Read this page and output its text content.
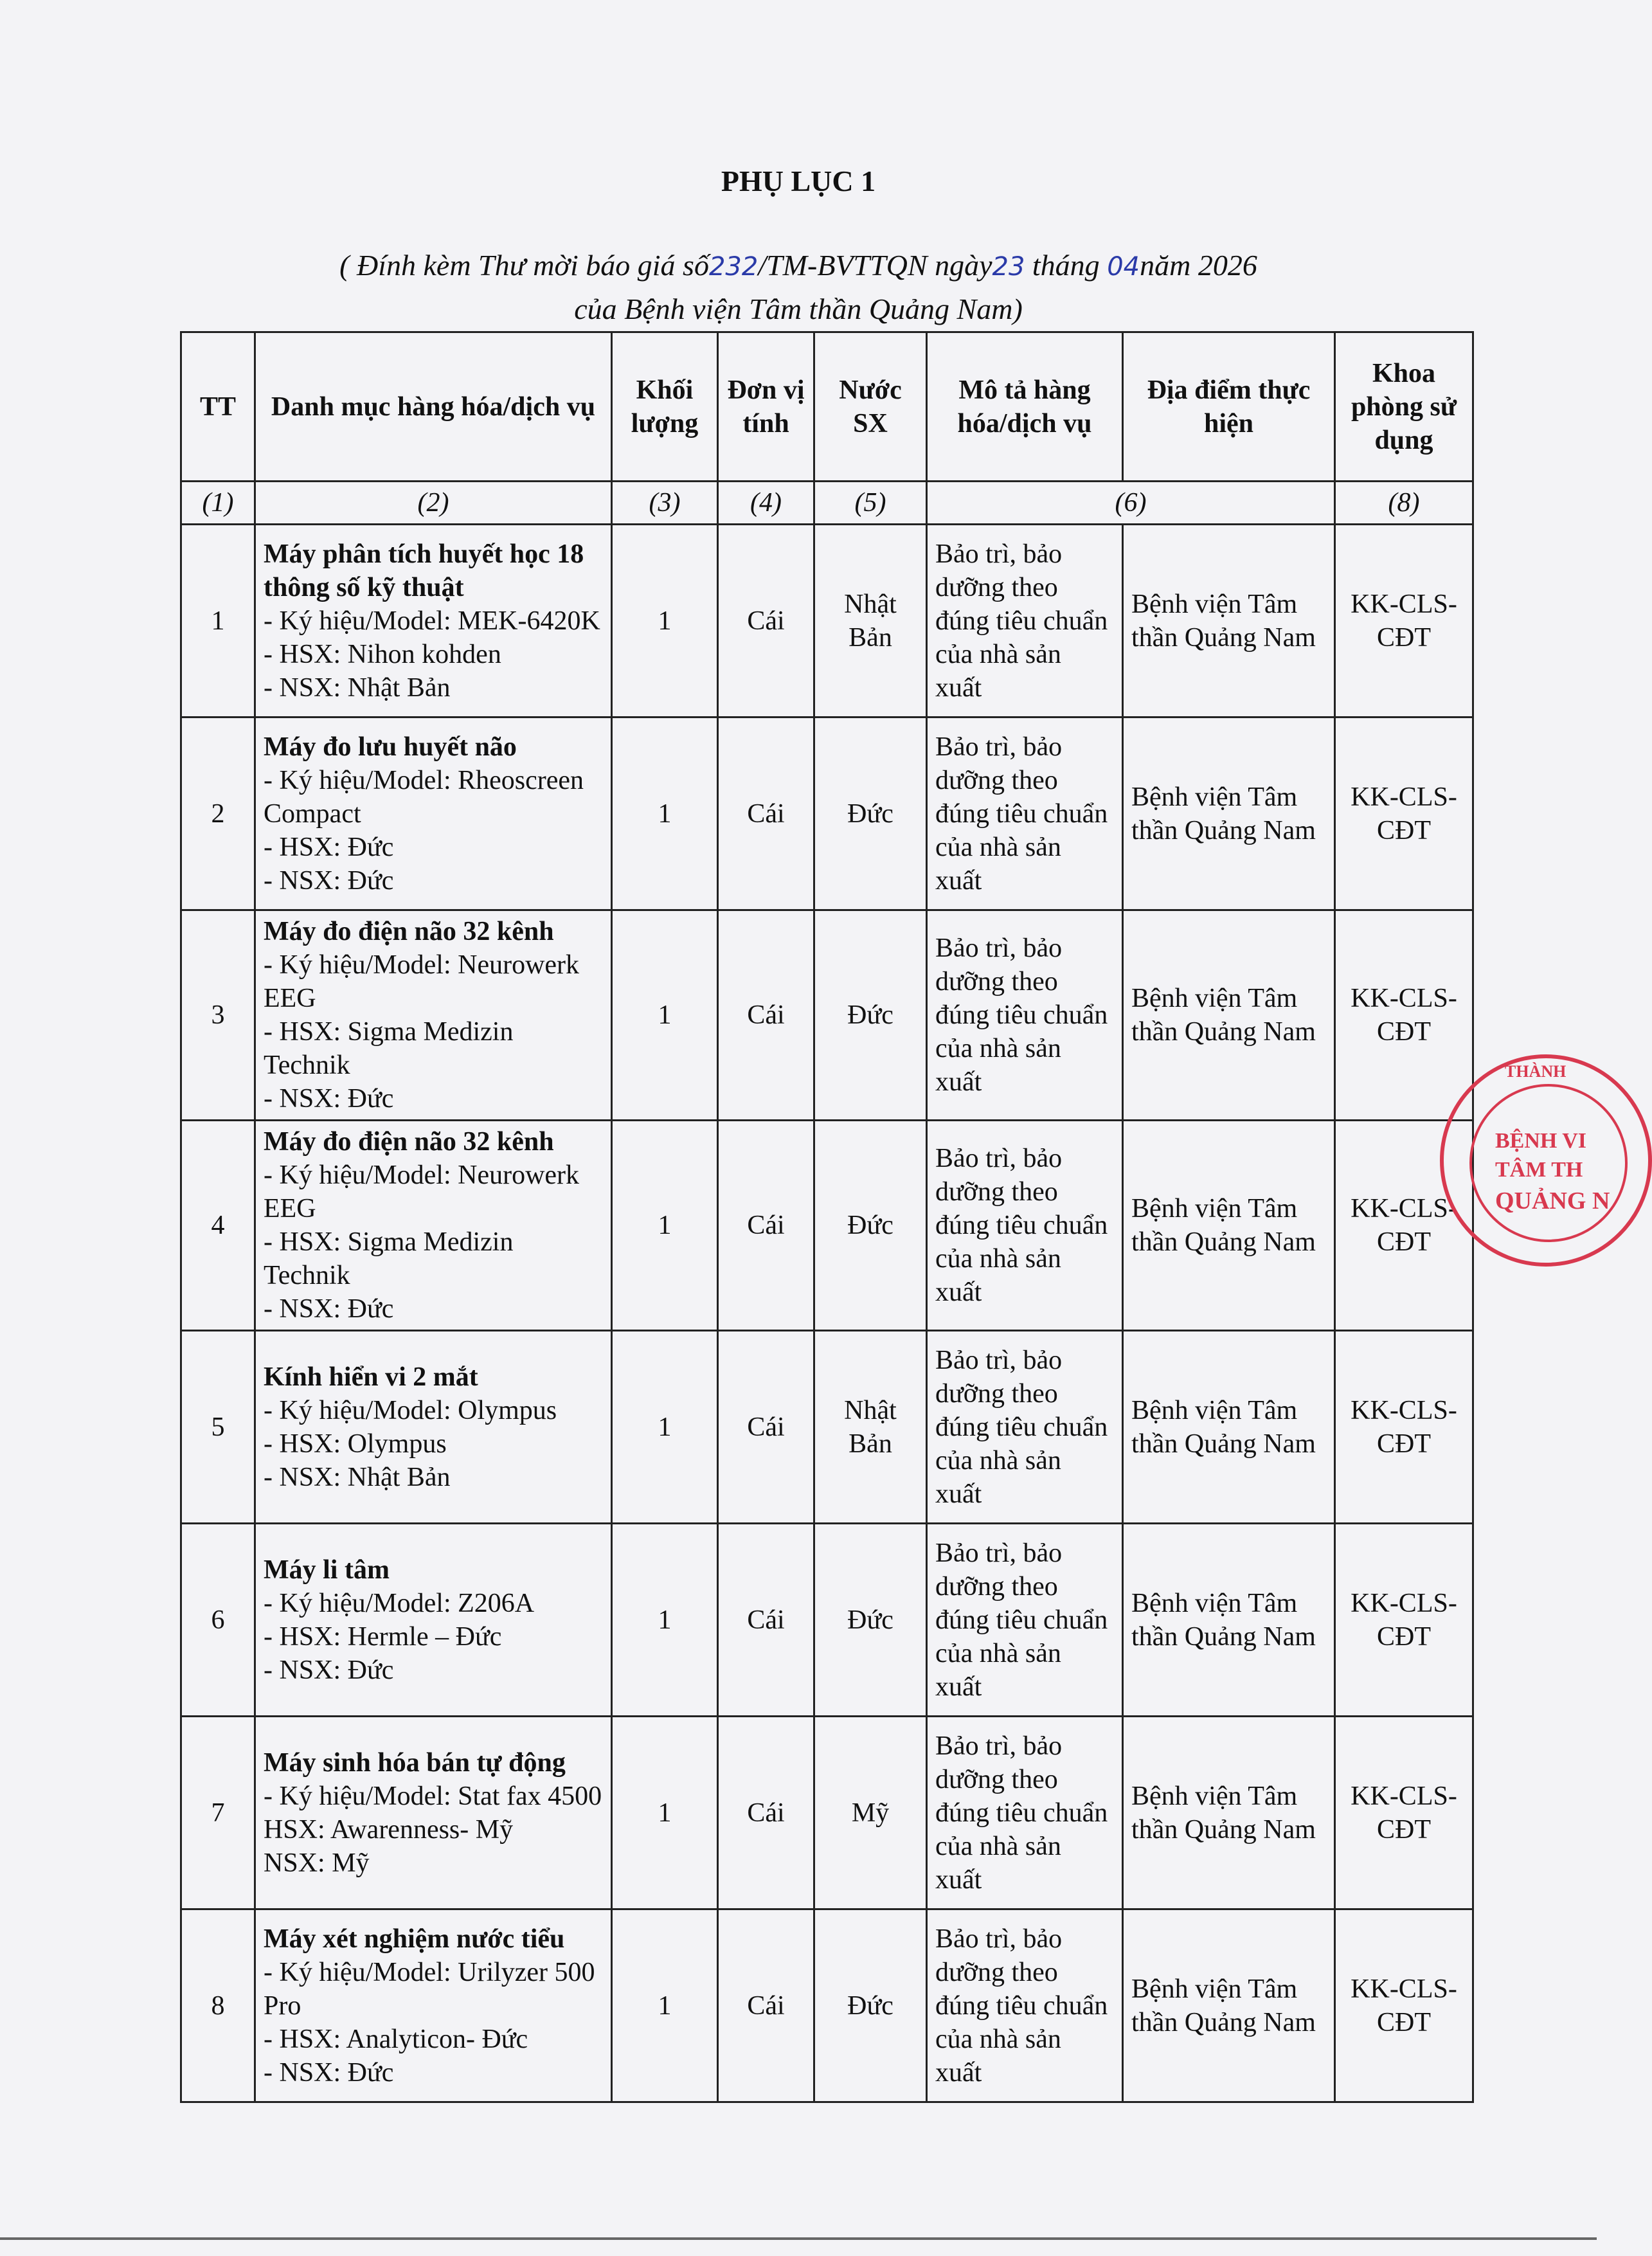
PHỤ LỤC 1
( Đính kèm Thư mời báo giá số232/TM-BVTTQN ngày23 tháng 04năm 2026
của Bệnh viện Tâm thần Quảng Nam)
TT	Danh mục hàng hóa/dịch vụ	Khối lượng	Đơn vị tính	Nước SX	Mô tả hàng hóa/dịch vụ	Địa điểm thực hiện	Khoa phòng sử dụng
(1)	(2)	(3)	(4)	(5)	(6)		(8)
1	Máy phân tích huyết học 18 thông số kỹ thuật
- Ký hiệu/Model: MEK-6420K
- HSX: Nihon kohden
- NSX: Nhật Bản	1	Cái	Nhật Bản	Bảo trì, bảo dưỡng theo đúng tiêu chuẩn của nhà sản xuất	Bệnh viện Tâm thần Quảng Nam	KK-CLS-CĐT
2	Máy đo lưu huyết não
- Ký hiệu/Model: Rheoscreen Compact
- HSX: Đức
- NSX: Đức	1	Cái	Đức	Bảo trì, bảo dưỡng theo đúng tiêu chuẩn của nhà sản xuất	Bệnh viện Tâm thần Quảng Nam	KK-CLS-CĐT
3	Máy đo điện não 32 kênh
- Ký hiệu/Model: Neurowerk EEG
- HSX: Sigma Medizin Technik
- NSX: Đức	1	Cái	Đức	Bảo trì, bảo dưỡng theo đúng tiêu chuẩn của nhà sản xuất	Bệnh viện Tâm thần Quảng Nam	KK-CLS-CĐT
4	Máy đo điện não 32 kênh
- Ký hiệu/Model: Neurowerk EEG
- HSX: Sigma Medizin Technik
- NSX: Đức	1	Cái	Đức	Bảo trì, bảo dưỡng theo đúng tiêu chuẩn của nhà sản xuất	Bệnh viện Tâm thần Quảng Nam	KK-CLS-CĐT
5	Kính hiển vi 2 mắt
- Ký hiệu/Model: Olympus
- HSX: Olympus
- NSX: Nhật Bản	1	Cái	Nhật Bản	Bảo trì, bảo dưỡng theo đúng tiêu chuẩn của nhà sản xuất	Bệnh viện Tâm thần Quảng Nam	KK-CLS-CĐT
6	Máy li tâm
- Ký hiệu/Model: Z206A
- HSX: Hermle – Đức
- NSX: Đức	1	Cái	Đức	Bảo trì, bảo dưỡng theo đúng tiêu chuẩn của nhà sản xuất	Bệnh viện Tâm thần Quảng Nam	KK-CLS-CĐT
7	Máy sinh hóa bán tự động
- Ký hiệu/Model: Stat fax 4500
HSX: Awarenness- Mỹ
NSX: Mỹ	1	Cái	Mỹ	Bảo trì, bảo dưỡng theo đúng tiêu chuẩn của nhà sản xuất	Bệnh viện Tâm thần Quảng Nam	KK-CLS-CĐT
8	Máy xét nghiệm nước tiểu
- Ký hiệu/Model: Urilyzer 500 Pro
- HSX: Analyticon- Đức
- NSX: Đức	1	Cái	Đức	Bảo trì, bảo dưỡng theo đúng tiêu chuẩn của nhà sản xuất	Bệnh viện Tâm thần Quảng Nam	KK-CLS-CĐT
THÀNH
BỆNH VI
TÂM TH
QUẢNG N
